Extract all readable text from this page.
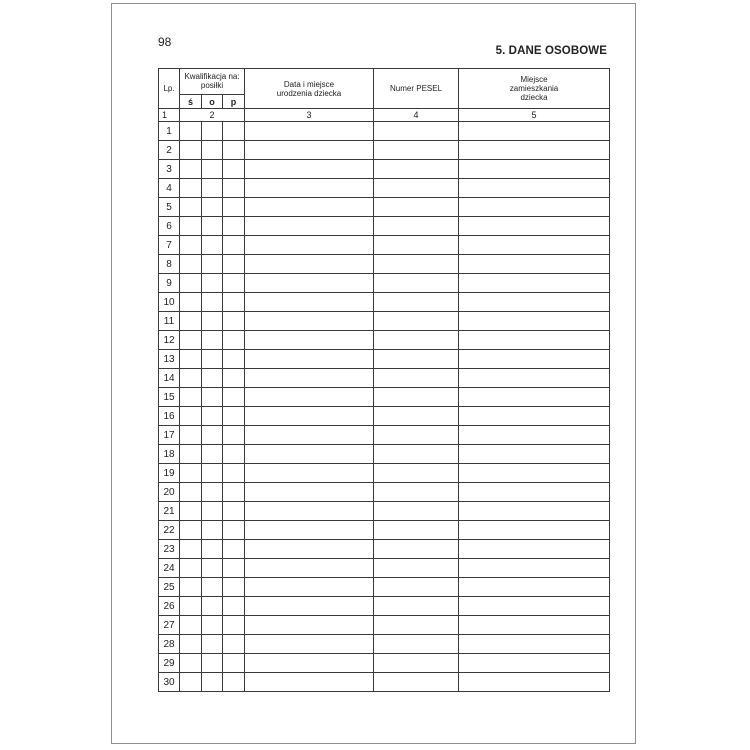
98
5. DANE OSOBOWE
Lp.	Kwalifikacja na: posiłki			Data i miejsce urodzenia dziecka	Numer PESEL	Miejsce zamieszkania dziecka
	ś	o	p			
1	2			3	4	5
1						
2						
3						
4						
5						
6						
7						
8						
9						
10						
11						
12						
13						
14						
15						
16						
17						
18						
19						
20						
21						
22						
23						
24						
25						
26						
27						
28						
29						
30						
